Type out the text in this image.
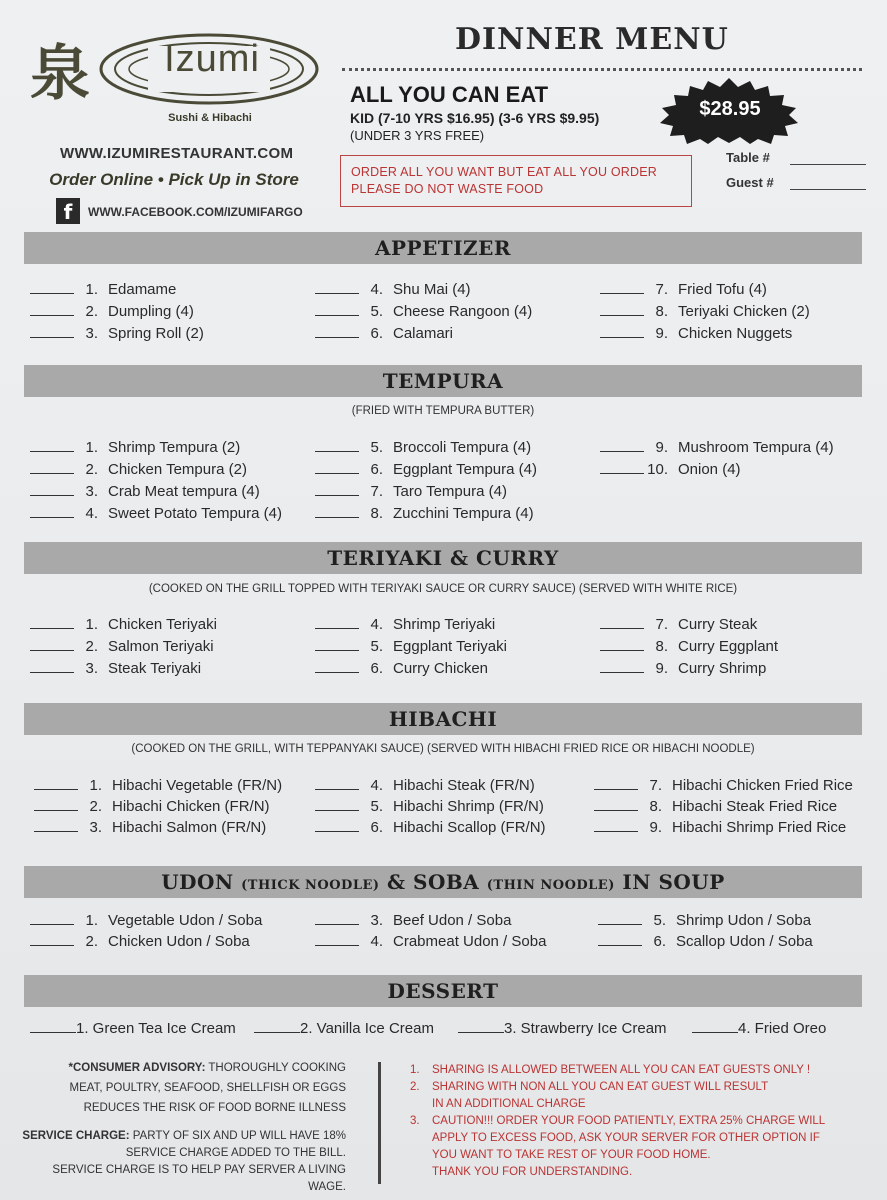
泉	Izumi
Sushi & Hibachi
WWW.IZUMIRESTAURANT.COM
Order Online • Pick Up in Store
f	WWW.FACEBOOK.COM/IZUMIFARGO
DINNER MENU
ALL YOU CAN EAT
KID (7-10 YRS $16.95) (3-6 YRS $9.95)
(UNDER 3 YRS FREE)
$28.95
ORDER ALL YOU WANT BUT EAT ALL YOU ORDER
PLEASE DO NOT WASTE FOOD
Table #
Guest #
APPETIZER
1. Edamame
2. Dumpling (4)
3. Spring Roll (2)
4. Shu Mai (4)
5. Cheese Rangoon (4)
6. Calamari
7. Fried Tofu (4)
8. Teriyaki Chicken (2)
9. Chicken Nuggets
TEMPURA
(FRIED WITH TEMPURA BUTTER)
1. Shrimp Tempura (2)
2. Chicken Tempura (2)
3. Crab Meat tempura (4)
4. Sweet Potato Tempura (4)
5. Broccoli Tempura (4)
6. Eggplant Tempura (4)
7. Taro Tempura (4)
8. Zucchini Tempura (4)
9. Mushroom Tempura (4)
10. Onion (4)
TERIYAKI & CURRY
(COOKED ON THE GRILL TOPPED WITH TERIYAKI SAUCE OR CURRY SAUCE) (SERVED WITH WHITE RICE)
1. Chicken Teriyaki
2. Salmon Teriyaki
3. Steak Teriyaki
4. Shrimp Teriyaki
5. Eggplant Teriyaki
6. Curry Chicken
7. Curry Steak
8. Curry Eggplant
9. Curry Shrimp
HIBACHI
(COOKED ON THE GRILL, WITH TEPPANYAKI SAUCE) (SERVED WITH HIBACHI FRIED RICE OR HIBACHI NOODLE)
1. Hibachi Vegetable (FR/N)
2. Hibachi Chicken (FR/N)
3. Hibachi Salmon (FR/N)
4. Hibachi Steak (FR/N)
5. Hibachi Shrimp (FR/N)
6. Hibachi Scallop (FR/N)
7. Hibachi Chicken Fried Rice
8. Hibachi Steak Fried Rice
9. Hibachi Shrimp Fried Rice
UDON (THICK NOODLE) & SOBA (THIN NOODLE) IN SOUP
1. Vegetable Udon / Soba
2. Chicken Udon / Soba
3. Beef Udon / Soba
4. Crabmeat Udon / Soba
5. Shrimp Udon / Soba
6. Scallop Udon / Soba
DESSERT
1. Green Tea Ice Cream	2. Vanilla Ice Cream	3. Strawberry Ice Cream	4. Fried Oreo
*CONSUMER ADVISORY: THOROUGHLY COOKING
MEAT, POULTRY, SEAFOOD, SHELLFISH OR EGGS
REDUCES THE RISK OF FOOD BORNE ILLNESS
SERVICE CHARGE: PARTY OF SIX AND UP WILL HAVE 18%
SERVICE CHARGE ADDED TO THE BILL.
SERVICE CHARGE IS TO HELP PAY SERVER A LIVING WAGE.
1. SHARING IS ALLOWED BETWEEN ALL YOU CAN EAT GUESTS ONLY !
2. SHARING WITH NON ALL YOU CAN EAT GUEST WILL RESULT
IN AN ADDITIONAL CHARGE
3. CAUTION!!! ORDER YOUR FOOD PATIENTLY, EXTRA 25% CHARGE WILL
APPLY TO EXCESS FOOD, ASK YOUR SERVER FOR OTHER OPTION IF
YOU WANT TO TAKE REST OF YOUR FOOD HOME.
THANK YOU FOR UNDERSTANDING.
